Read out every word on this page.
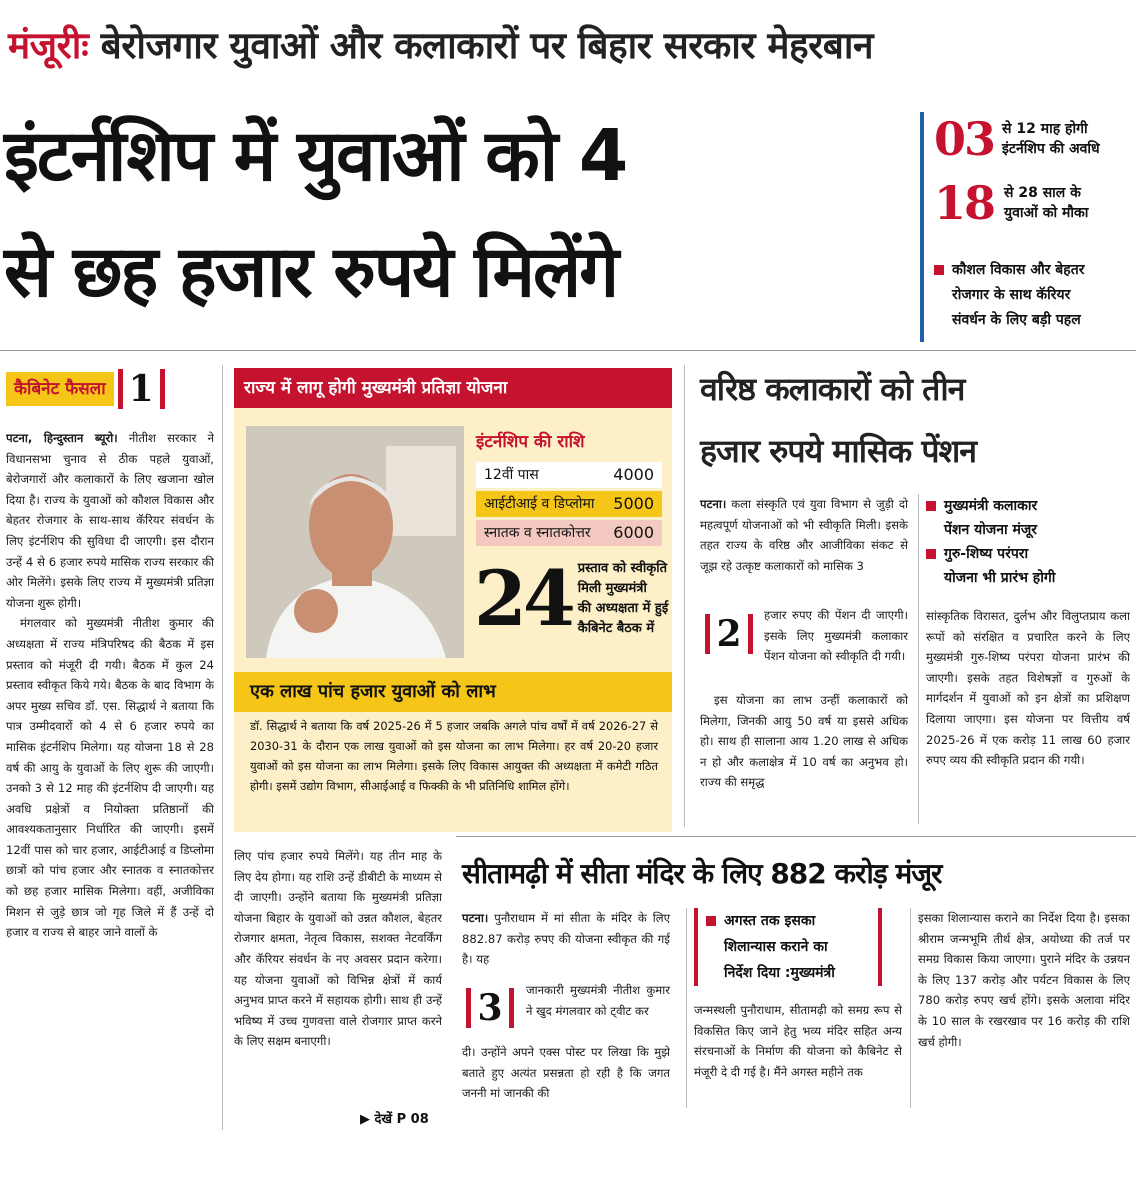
मंजूरीः बेरोजगार युवाओं और कलाकारों पर बिहार सरकार मेहरबान
इंटर्नशिप में युवाओं को 4
से छह हजार रुपये मिलेंगे
03 से 12 माह होगी
इंटर्नशिप की अवधि
18 से 28 साल के
युवाओं को मौका
कौशल विकास और बेहतर
रोजगार के साथ कॅरियर
संवर्धन के लिए बड़ी पहल
कैबिनेट फैसला 1

पटना, हिन्दुस्तान ब्यूरो। नीतीश सरकार ने विधानसभा चुनाव से ठीक पहले युवाओं, बेरोजगारों और कलाकारों के लिए खजाना खोल दिया है। राज्य के युवाओं को कौशल विकास और बेहतर रोजगार के साथ-साथ कॅरियर संवर्धन के लिए इंटर्नशिप की सुविधा दी जाएगी। इस दौरान उन्हें 4 से 6 हजार रुपये मासिक राज्य सरकार की ओर मिलेंगे। इसके लिए राज्य में मुख्यमंत्री प्रतिज्ञा योजना शुरू होगी।

मंगलवार को मुख्यमंत्री नीतीश कुमार की अध्यक्षता में राज्य मंत्रिपरिषद की बैठक में इस प्रस्ताव को मंजूरी दी गयी। बैठक में कुल 24 प्रस्ताव स्वीकृत किये गये। बैठक के बाद विभाग के अपर मुख्य सचिव डॉ. एस. सिद्धार्थ ने बताया कि पात्र उम्मीदवारों को 4 से 6 हजार रुपये का मासिक इंटर्नशिप मिलेगा। यह योजना 18 से 28 वर्ष की आयु के युवाओं के लिए शुरू की जाएगी। उनको 3 से 12 माह की इंटर्नशिप दी जाएगी। यह अवधि प्रक्षेत्रों व नियोक्ता प्रतिष्ठानों की आवश्यकतानुसार निर्धारित की जाएगी। इसमें 12वीं पास को चार हजार, आईटीआई व डिप्लोमा छात्रों को पांच हजार और स्नातक व स्नातकोत्तर को छह हजार मासिक मिलेगा। वहीं, अजीविका मिशन से जुड़े छात्र जो गृह जिले में हैं उन्हें दो हजार व राज्य से बाहर जाने वालों के

लिए पांच हजार रुपये मिलेंगे। यह तीन माह के लिए देय होगा। यह राशि उन्हें डीबीटी के माध्यम से दी जाएगी। उन्होंने बताया कि मुख्यमंत्री प्रतिज्ञा योजना बिहार के युवाओं को उन्नत कौशल, बेहतर रोजगार क्षमता, नेतृत्व विकास, सशक्त नेटवर्किंग और कॅरियर संवर्धन के नए अवसर प्रदान करेगा। यह योजना युवाओं को विभिन्न क्षेत्रों में कार्य अनुभव प्राप्त करने में सहायक होगी। साथ ही उन्हें भविष्य में उच्च गुणवत्ता वाले रोजगार प्राप्त करने के लिए सक्षम बनाएगी।

▶ देखें P 08
राज्य में लागू होगी मुख्यमंत्री प्रतिज्ञा योजना
इंटर्नशिप की राशि
12वीं पास	4000
आईटीआई व डिप्लोमा 5000
स्नातक व स्नातकोत्तर 6000
24 प्रस्ताव को स्वीकृति
मिली मुख्यमंत्री
की अध्यक्षता में हुई
कैबिनेट बैठक में
एक लाख पांच हजार युवाओं को लाभ
डॉ. सिद्धार्थ ने बताया कि वर्ष 2025-26 में 5 हजार जबकि अगले पांच वर्षों में वर्ष 2026-27 से 2030-31 के दौरान एक लाख युवाओं को इस योजना का लाभ मिलेगा। हर वर्ष 20-20 हजार युवाओं को इस योजना का लाभ मिलेगा। इसके लिए विकास आयुक्त की अध्यक्षता में कमेटी गठित होगी। इसमें उद्योग विभाग, सीआईआई व फिक्की के भी प्रतिनिधि शामिल होंगे।
वरिष्ठ कलाकारों को तीन
हजार रुपये मासिक पेंशन

पटना। कला संस्कृति एवं युवा विभाग से जुड़ी दो महत्वपूर्ण योजनाओं को भी स्वीकृति मिली। इसके तहत राज्य के वरिष्ठ और आजीविका संकट से जूझ रहे उत्कृष्ट कलाकारों को मासिक 3

2	हजार रुपए की पेंशन दी जाएगी। इसके लिए मुख्यमंत्री कलाकार पेंशन योजना को स्वीकृति दी गयी।

इस योजना का लाभ उन्हीं कलाकारों को मिलेगा, जिनकी आयु 50 वर्ष या इससे अधिक हो। साथ ही सालाना आय 1.20 लाख से अधिक न हो और कलाक्षेत्र में 10 वर्ष का अनुभव हो। राज्य की समृद्ध

मुख्यमंत्री कलाकार
पेंशन योजना मंजूर
गुरु-शिष्य परंपरा
योजना भी प्रारंभ होगी

सांस्कृतिक विरासत, दुर्लभ और विलुप्तप्राय कला रूपों को संरक्षित व प्रचारित करने के लिए मुख्यमंत्री गुरु-शिष्य परंपरा योजना प्रारंभ की जाएगी। इसके तहत विशेषज्ञों व गुरुओं के मार्गदर्शन में युवाओं को इन क्षेत्रों का प्रशिक्षण दिलाया जाएगा। इस योजना पर वित्तीय वर्ष 2025-26 में एक करोड़ 11 लाख 60 हजार रुपए व्यय की स्वीकृति प्रदान की गयी।

सीतामढ़ी में सीता मंदिर के लिए 882 करोड़ मंजूर

पटना। पुनौराधाम में मां सीता के मंदिर के लिए 882.87 करोड़ रुपए की योजना स्वीकृत की गई है। यह

3	जानकारी मुख्यमंत्री नीतीश कुमार ने खुद मंगलवार को ट्वीट कर

दी। उन्होंने अपने एक्स पोस्ट पर लिखा कि मुझे बताते हुए अत्यंत प्रसन्नता हो रही है कि जगत जननी मां जानकी की

अगस्त तक इसका
शिलान्यास कराने का
निर्देश दिया :मुख्यमंत्री

जन्मस्थली पुनौराधाम, सीतामढ़ी को समग्र रूप से विकसित किए जाने हेतु भव्य मंदिर सहित अन्य संरचनाओं के निर्माण की योजना को कैबिनेट से मंजूरी दे दी गई है। मैंने अगस्त महीने तक

इसका शिलान्यास कराने का निर्देश दिया है। इसका श्रीराम जन्मभूमि तीर्थ क्षेत्र, अयोध्या की तर्ज पर समग्र विकास किया जाएगा। पुराने मंदिर के उन्नयन के लिए 137 करोड़ और पर्यटन विकास के लिए 780 करोड़ रुपए खर्च होंगे। इसके अलावा मंदिर के 10 साल के रखरखाव पर 16 करोड़ की राशि खर्च होगी।
